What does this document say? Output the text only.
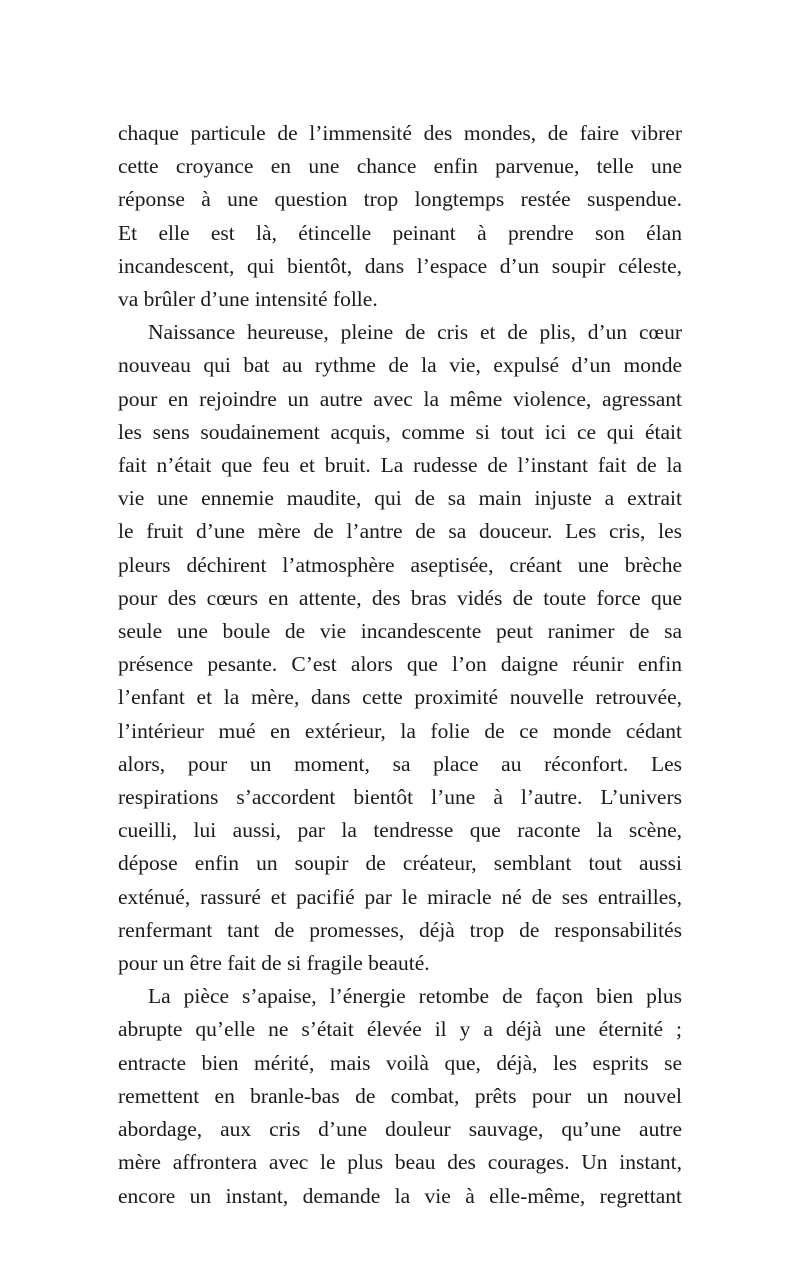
chaque particule de l’immensité des mondes, de faire vibrer
cette croyance en une chance enfin parvenue, telle une
réponse à une question trop longtemps restée suspendue.
Et elle est là, étincelle peinant à prendre son élan
incandescent, qui bientôt, dans l’espace d’un soupir céleste,
va brûler d’une intensité folle.
Naissance heureuse, pleine de cris et de plis, d’un cœur
nouveau qui bat au rythme de la vie, expulsé d’un monde
pour en rejoindre un autre avec la même violence, agressant
les sens soudainement acquis, comme si tout ici ce qui était
fait n’était que feu et bruit. La rudesse de l’instant fait de la
vie une ennemie maudite, qui de sa main injuste a extrait
le fruit d’une mère de l’antre de sa douceur. Les cris, les
pleurs déchirent l’atmosphère aseptisée, créant une brèche
pour des cœurs en attente, des bras vidés de toute force que
seule une boule de vie incandescente peut ranimer de sa
présence pesante. C’est alors que l’on daigne réunir enfin
l’enfant et la mère, dans cette proximité nouvelle retrouvée,
l’intérieur mué en extérieur, la folie de ce monde cédant
alors, pour un moment, sa place au réconfort. Les
respirations s’accordent bientôt l’une à l’autre. L’univers
cueilli, lui aussi, par la tendresse que raconte la scène,
dépose enfin un soupir de créateur, semblant tout aussi
exténué, rassuré et pacifié par le miracle né de ses entrailles,
renfermant tant de promesses, déjà trop de responsabilités
pour un être fait de si fragile beauté.
La pièce s’apaise, l’énergie retombe de façon bien plus
abrupte qu’elle ne s’était élevée il y a déjà une éternité ;
entracte bien mérité, mais voilà que, déjà, les esprits se
remettent en branle-bas de combat, prêts pour un nouvel
abordage, aux cris d’une douleur sauvage, qu’une autre
mère affrontera avec le plus beau des courages. Un instant,
encore un instant, demande la vie à elle-même, regrettant
